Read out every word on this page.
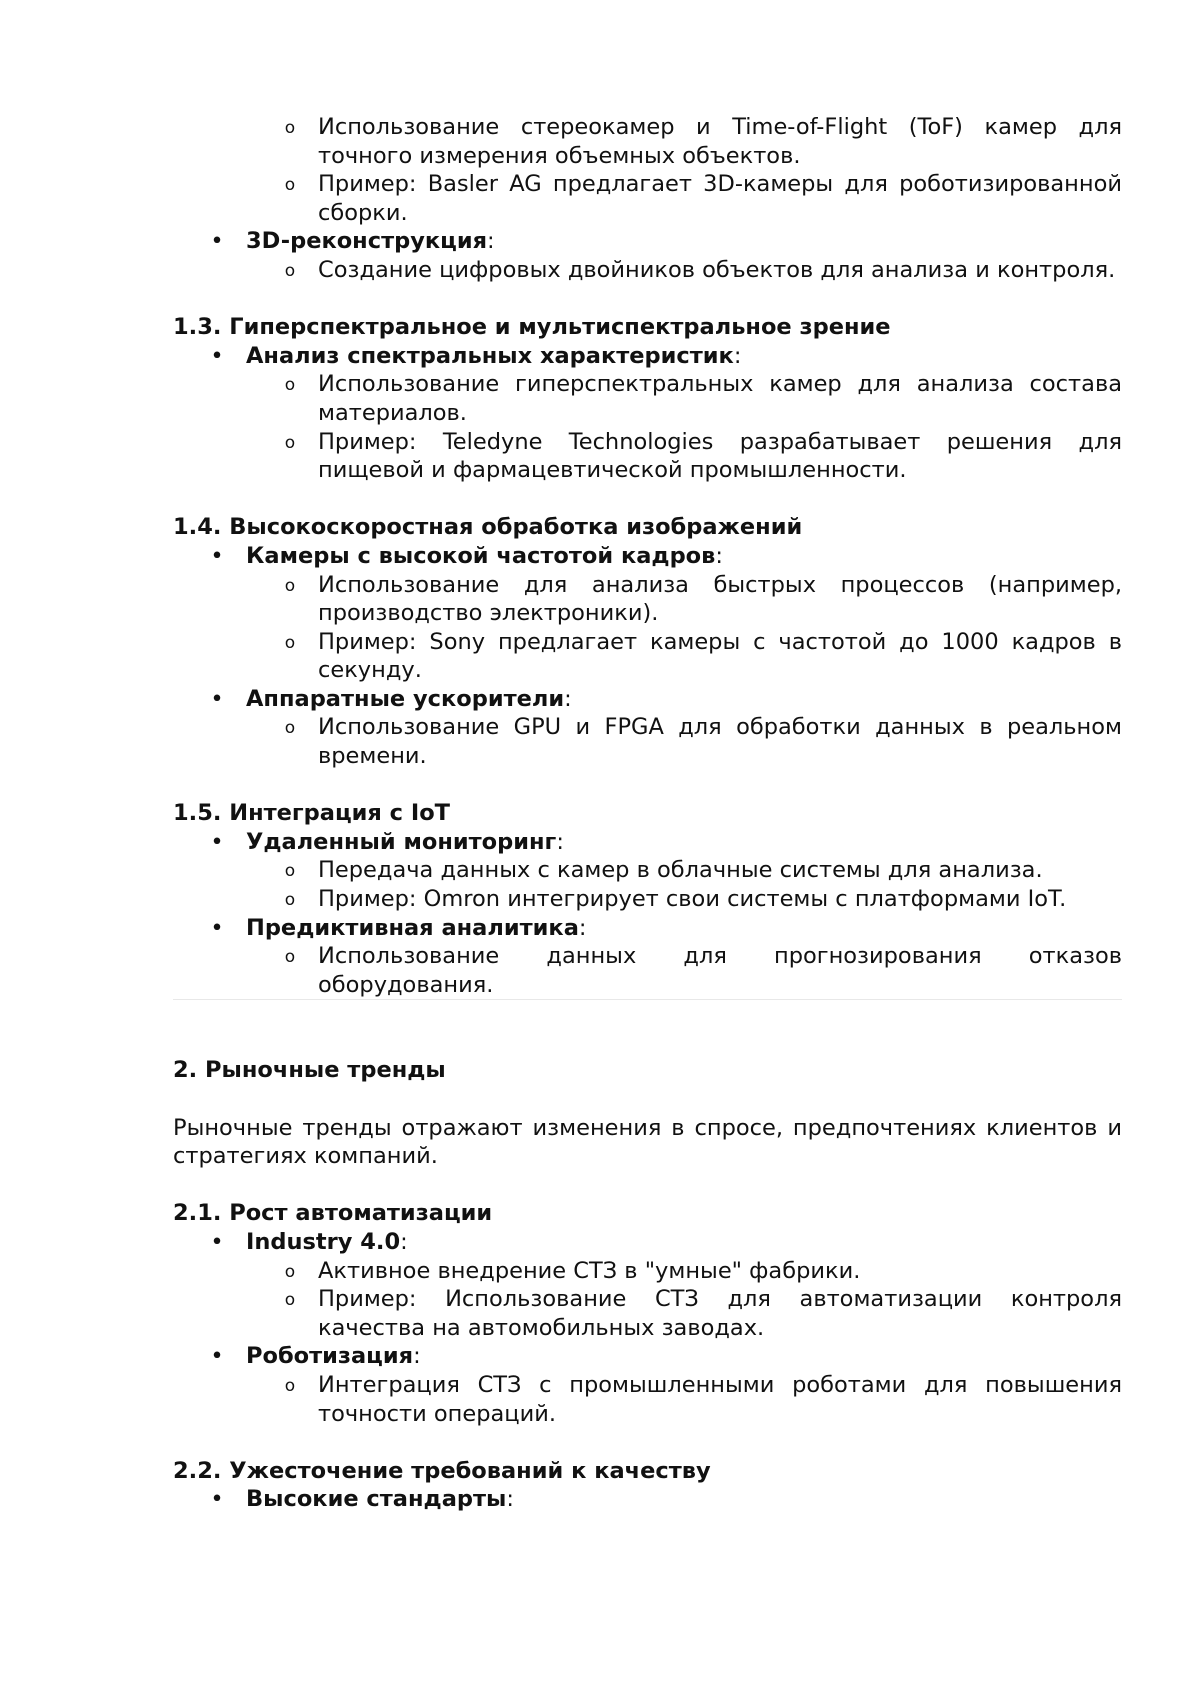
o Использование стереокамер и Time-of-Flight (ToF) камер для точного измерения объемных объектов.
o Пример: Basler AG предлагает 3D-камеры для роботизированной сборки.
• 3D-реконструкция:
o Создание цифровых двойников объектов для анализа и контроля.
1.3. Гиперспектральное и мультиспектральное зрение
• Анализ спектральных характеристик:
o Использование гиперспектральных камер для анализа состава материалов.
o Пример: Teledyne Technologies разрабатывает решения для пищевой и фармацевтической промышленности.
1.4. Высокоскоростная обработка изображений
• Камеры с высокой частотой кадров:
o Использование для анализа быстрых процессов (например, производство электроники).
o Пример: Sony предлагает камеры с частотой до 1000 кадров в секунду.
• Аппаратные ускорители:
o Использование GPU и FPGA для обработки данных в реальном времени.
1.5. Интеграция с IoT
• Удаленный мониторинг:
o Передача данных с камер в облачные системы для анализа.
o Пример: Omron интегрирует свои системы с платформами IoT.
• Предиктивная аналитика:
o Использование данных для прогнозирования отказов оборудования.
2. Рыночные тренды
Рыночные тренды отражают изменения в спросе, предпочтениях клиентов и стратегиях компаний.
2.1. Рост автоматизации
• Industry 4.0:
o Активное внедрение СТЗ в "умные" фабрики.
o Пример: Использование СТЗ для автоматизации контроля качества на автомобильных заводах.
• Роботизация:
o Интеграция СТЗ с промышленными роботами для повышения точности операций.
2.2. Ужесточение требований к качеству
• Высокие стандарты:
